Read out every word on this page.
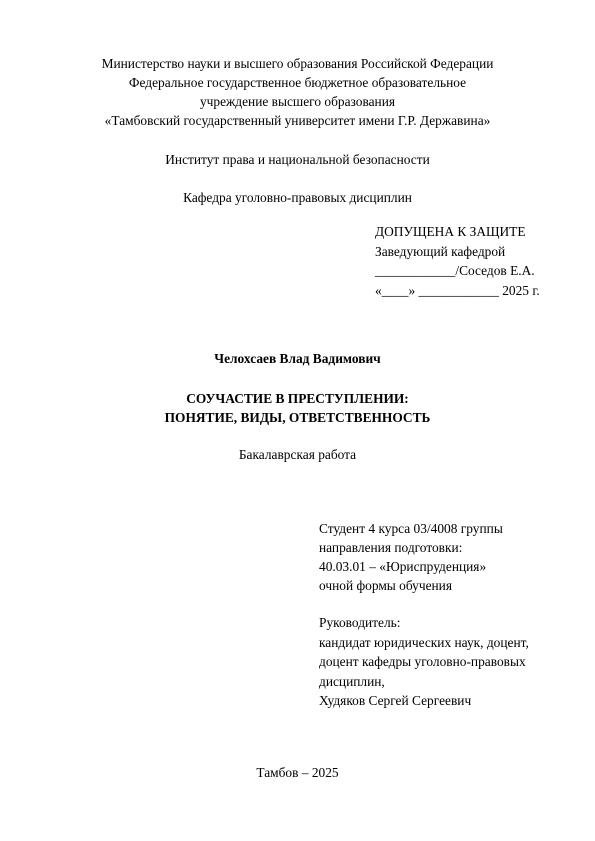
Министерство науки и высшего образования Российской Федерации
Федеральное государственное бюджетное образовательное
учреждение высшего образования
«Тамбовский государственный университет имени Г.Р. Державина»
Институт права и национальной безопасности
Кафедра уголовно-правовых дисциплин
ДОПУЩЕНА К ЗАЩИТЕ
Заведующий кафедрой
____________/Соседов Е.А.
«____» ____________ 2025 г.
Челохсаев Влад Вадимович
СОУЧАСТИЕ В ПРЕСТУПЛЕНИИ:
ПОНЯТИЕ, ВИДЫ, ОТВЕТСТВЕННОСТЬ
Бакалаврская работа
Студент 4 курса 03/4008 группы
направления подготовки:
40.03.01 – «Юриспруденция»
очной формы обучения
Руководитель:
кандидат юридических наук, доцент,
доцент кафедры уголовно-правовых
дисциплин,
Худяков Сергей Сергеевич
Тамбов – 2025
